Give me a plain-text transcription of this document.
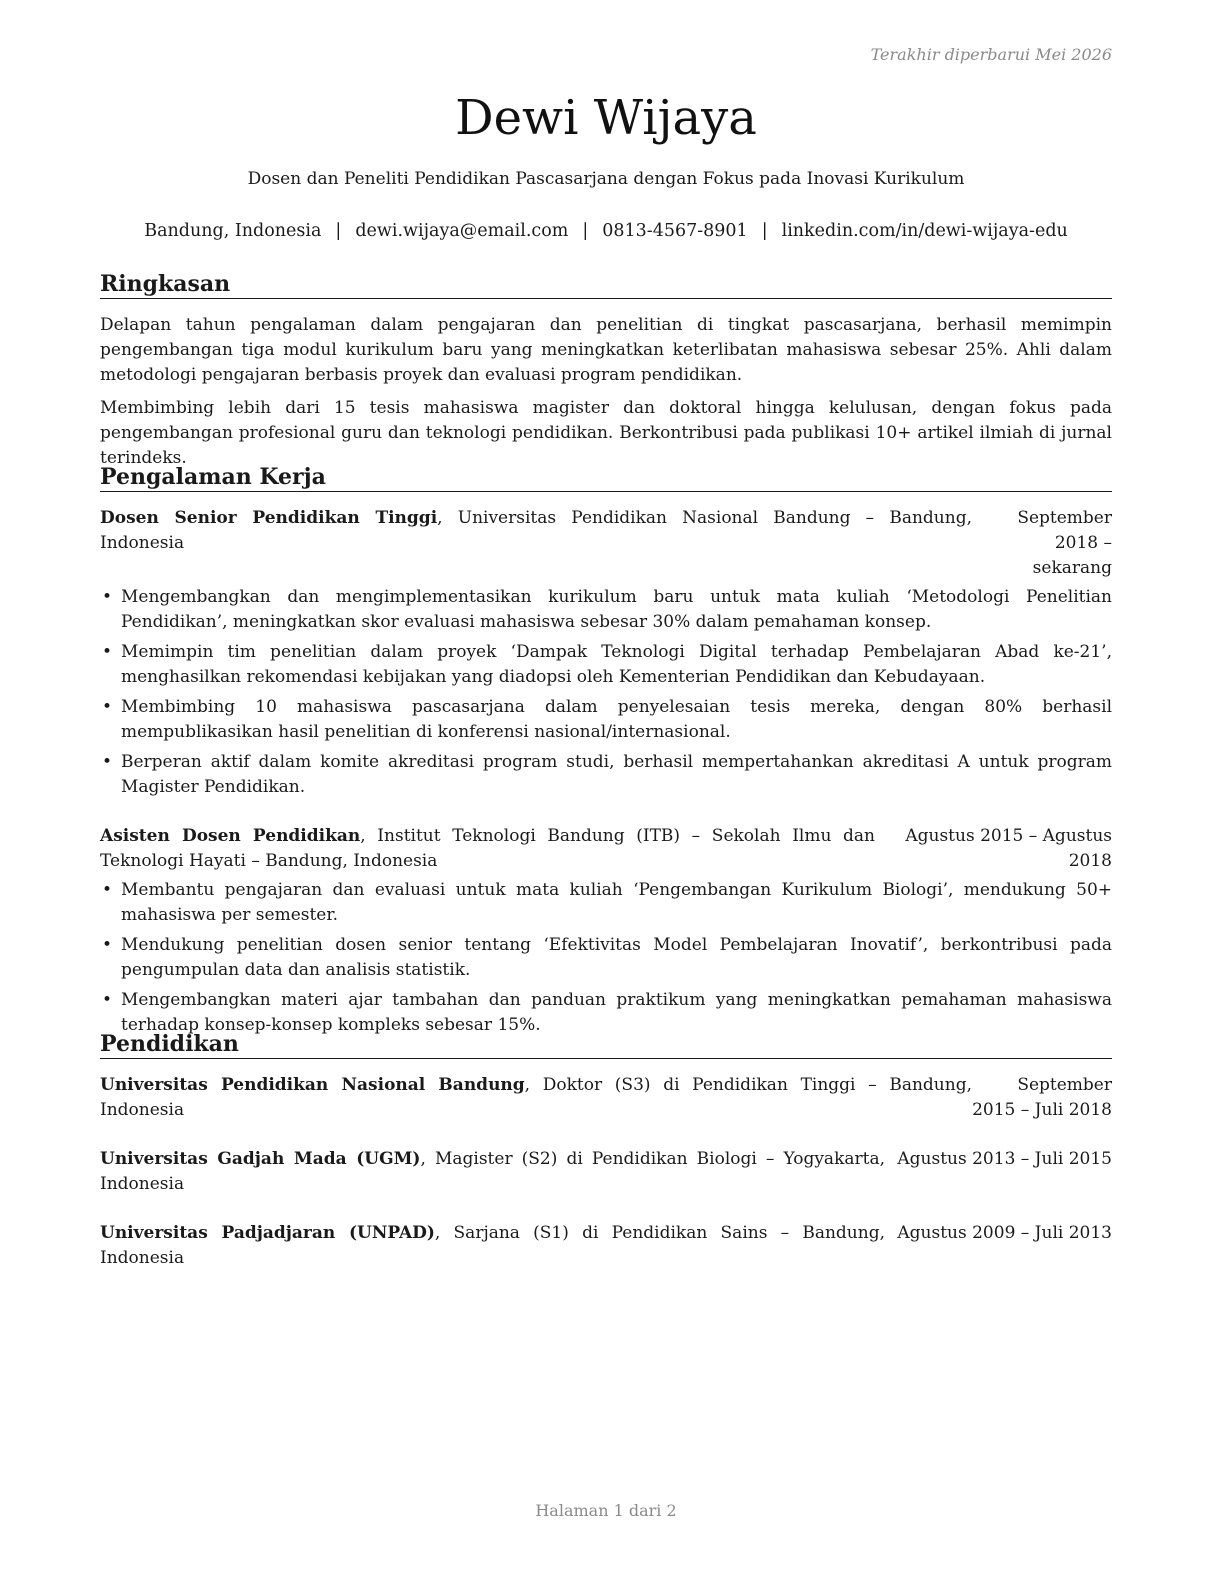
Terakhir diperbarui Mei 2026
Dewi Wijaya
Dosen dan Peneliti Pendidikan Pascasarjana dengan Fokus pada Inovasi Kurikulum
Bandung, Indonesia | dewi.wijaya@email.com | 0813-4567-8901 | linkedin.com/in/dewi-wijaya-edu
Ringkasan

Delapan tahun pengalaman dalam pengajaran dan penelitian di tingkat pascasarjana, berhasil memimpin pengembangan tiga modul kurikulum baru yang meningkatkan keterlibatan mahasiswa sebesar 25%. Ahli dalam metodologi pengajaran berbasis proyek dan evaluasi program pendidikan.

Membimbing lebih dari 15 tesis mahasiswa magister dan doktoral hingga kelulusan, dengan fokus pada pengembangan profesional guru dan teknologi pendidikan. Berkontribusi pada publikasi 10+ artikel ilmiah di jurnal terindeks.

Pengalaman Kerja
Dosen Senior Pendidikan Tinggi, Universitas Pendidikan Nasional Bandung – Bandung, Indonesia
September 2018 – sekarang
• Mengembangkan dan mengimplementasikan kurikulum baru untuk mata kuliah ‘Metodologi Penelitian Pendidikan’, meningkatkan skor evaluasi mahasiswa sebesar 30% dalam pemahaman konsep.
• Memimpin tim penelitian dalam proyek ‘Dampak Teknologi Digital terhadap Pembelajaran Abad ke-21’, menghasilkan rekomendasi kebijakan yang diadopsi oleh Kementerian Pendidikan dan Kebudayaan.
• Membimbing 10 mahasiswa pascasarjana dalam penyelesaian tesis mereka, dengan 80% berhasil mempublikasikan hasil penelitian di konferensi nasional/internasional.
• Berperan aktif dalam komite akreditasi program studi, berhasil mempertahankan akreditasi A untuk program Magister Pendidikan.
Asisten Dosen Pendidikan, Institut Teknologi Bandung (ITB) – Sekolah Ilmu dan Teknologi Hayati – Bandung, Indonesia
Agustus 2015 – Agustus 2018
• Membantu pengajaran dan evaluasi untuk mata kuliah ‘Pengembangan Kurikulum Biologi’, mendukung 50+ mahasiswa per semester.
• Mendukung penelitian dosen senior tentang ‘Efektivitas Model Pembelajaran Inovatif’, berkontribusi pada pengumpulan data dan analisis statistik.
• Mengembangkan materi ajar tambahan dan panduan praktikum yang meningkatkan pemahaman mahasiswa terhadap konsep-konsep kompleks sebesar 15%.
Pendidikan
Universitas Pendidikan Nasional Bandung, Doktor (S3) di Pendidikan Tinggi – Bandung, Indonesia
September 2015 – Juli 2018
Universitas Gadjah Mada (UGM), Magister (S2) di Pendidikan Biologi – Yogyakarta, Indonesia
Agustus 2013 – Juli 2015
Universitas Padjadjaran (UNPAD), Sarjana (S1) di Pendidikan Sains – Bandung, Indonesia
Agustus 2009 – Juli 2013
Halaman 1 dari 2
